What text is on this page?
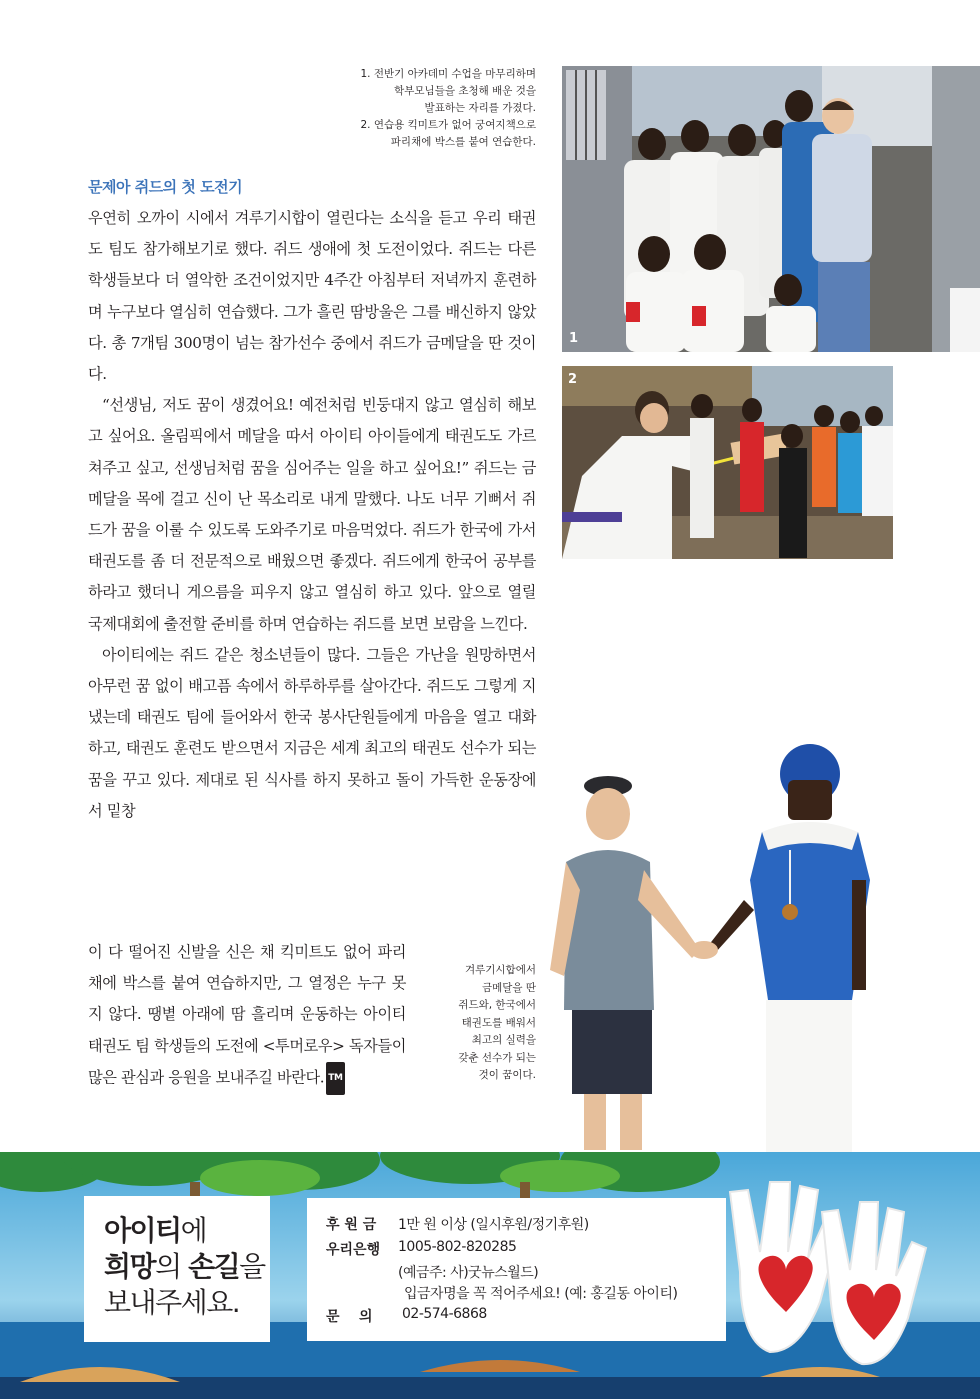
1. 전반기 아카데미 수업을 마무리하며

학부모님들을 초청해 배운 것을

발표하는 자리를 가졌다.

2. 연습용 킥미트가 없어 궁여지책으로

파리채에 박스를 붙여 연습한다.

1
2
문제아 쥐드의 첫 도전기

우연히 오까이 시에서 겨루기시합이 열린다는 소식을 듣고 우리 태권도 팀도 참가해보기로 했다. 쥐드 생애에 첫 도전이었다. 쥐드는 다른 학생들보다 더 열악한 조건이었지만 4주간 아침부터 저녁까지 훈련하며 누구보다 열심히 연습했다. 그가 흘린 땀방울은 그를 배신하지 않았다. 총 7개팀 300명이 넘는 참가선수 중에서 쥐드가 금메달을 딴 것이다.

“선생님, 저도 꿈이 생겼어요! 예전처럼 빈둥대지 않고 열심히 해보고 싶어요. 올림픽에서 메달을 따서 아이티 아이들에게 태권도도 가르쳐주고 싶고, 선생님처럼 꿈을 심어주는 일을 하고 싶어요!” 쥐드는 금메달을 목에 걸고 신이 난 목소리로 내게 말했다. 나도 너무 기뻐서 쥐드가 꿈을 이룰 수 있도록 도와주기로 마음먹었다. 쥐드가 한국에 가서 태권도를 좀 더 전문적으로 배웠으면 좋겠다. 쥐드에게 한국어 공부를 하라고 했더니 게으름을 피우지 않고 열심히 하고 있다. 앞으로 열릴 국제대회에 출전할 준비를 하며 연습하는 쥐드를 보면 보람을 느낀다.

아이티에는 쥐드 같은 청소년들이 많다. 그들은 가난을 원망하면서 아무런 꿈 없이 배고픔 속에서 하루하루를 살아간다. 쥐드도 그렇게 지냈는데 태권도 팀에 들어와서 한국 봉사단원들에게 마음을 열고 대화하고, 태권도 훈련도 받으면서 지금은 세계 최고의 태권도 선수가 되는 꿈을 꾸고 있다. 제대로 된 식사를 하지 못하고 돌이 가득한 운동장에서 밑창

이 다 떨어진 신발을 신은 채 킥미트도 없어 파리채에 박스를 붙여 연습하지만, 그 열정은 누구 못지 않다. 땡볕 아래에 땀 흘리며 운동하는 아이티 태권도 팀 학생들의 도전에 <투머로우> 독자들이 많은 관심과 응원을 보내주길 바란다. TM

겨루기시합에서
금메달을 딴
쥐드와, 한국에서
태권도를 배워서
최고의 실력을
갖춘 선수가 되는
것이 꿈이다.
아이티에
희망의 손길을
보내주세요.
후 원 금	1만 원 이상 (일시후원/정기후원)
우리은행	1005-802-820285
(예금주: 사)굿뉴스월드)
입금자명을 꼭 적어주세요! (예: 홍길동 아이티)
문    의	02-574-6868
